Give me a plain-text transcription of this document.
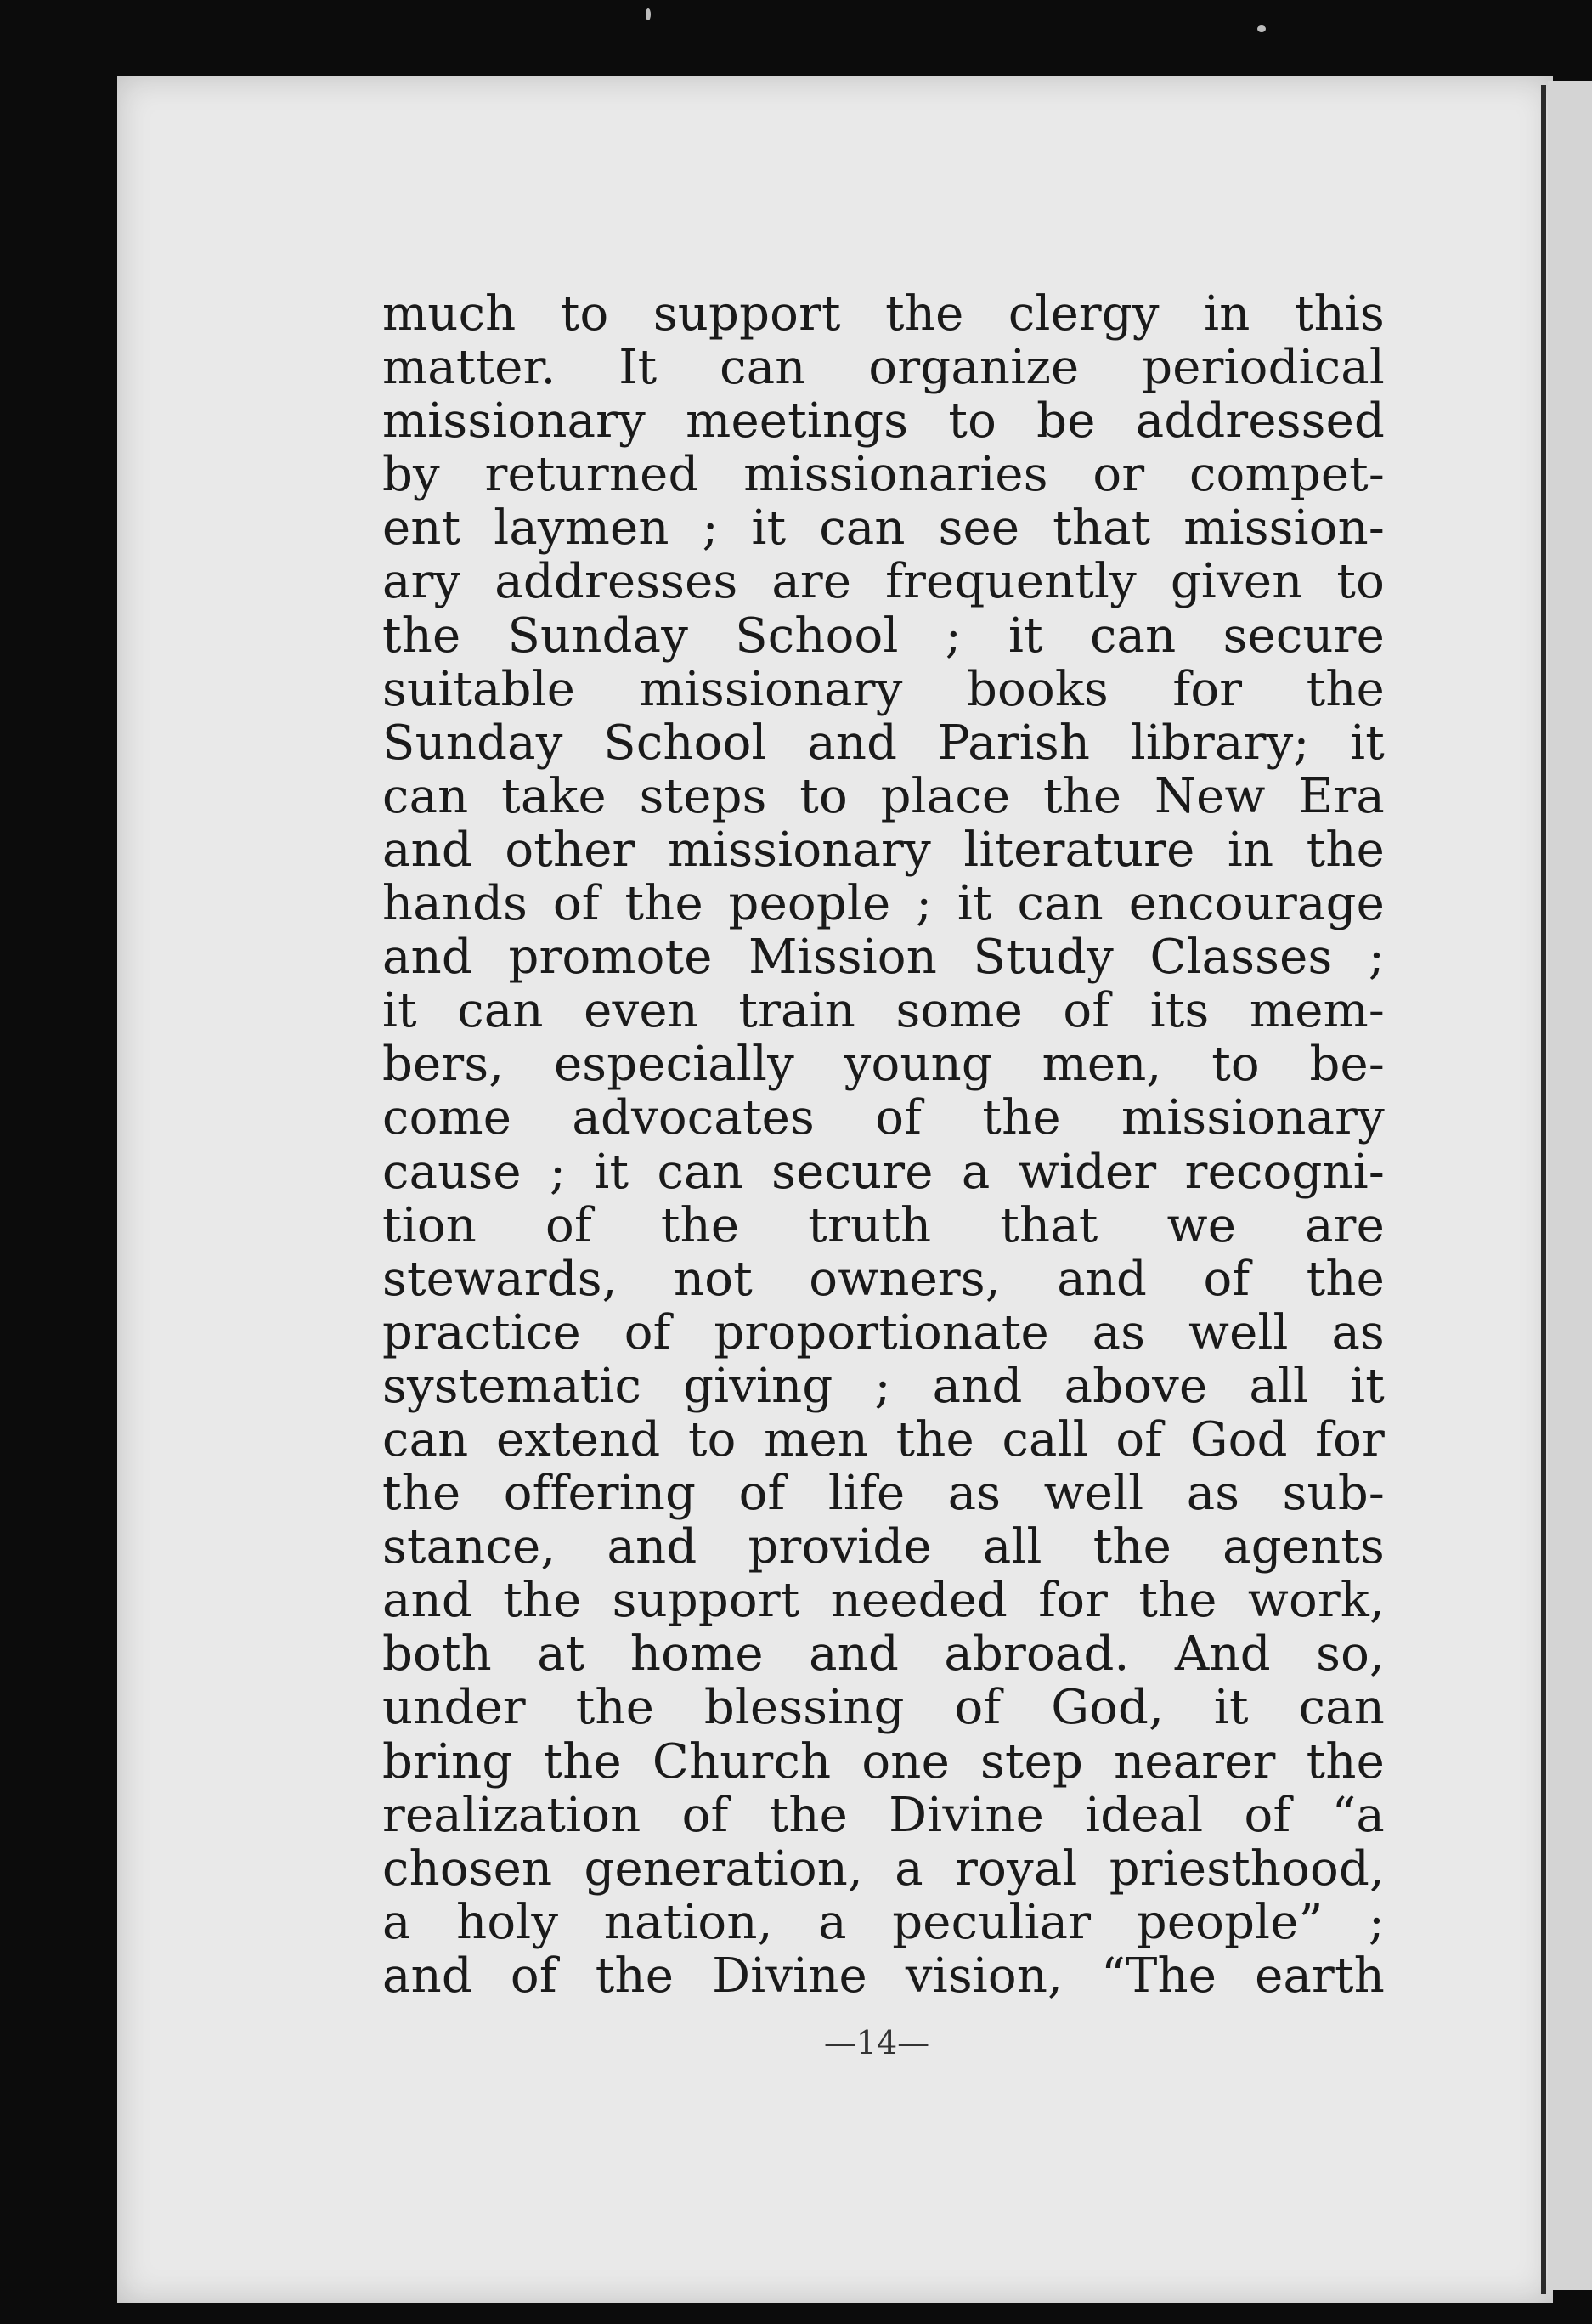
much to support the clergy in this
matter. It can organize periodical
missionary meetings to be addressed
by returned missionaries or compet-
ent laymen ; it can see that mission-
ary addresses are frequently given to
the Sunday School ; it can secure
suitable missionary books for the
Sunday School and Parish library; it
can take steps to place the New Era
and other missionary literature in the
hands of the people ; it can encourage
and promote Mission Study Classes ;
it can even train some of its mem-
bers, especially young men, to be-
come advocates of the missionary
cause ; it can secure a wider recogni-
tion of the truth that we are
stewards, not owners, and of the
practice of proportionate as well as
systematic giving ; and above all it
can extend to men the call of God for
the offering of life as well as sub-
stance, and provide all the agents
and the support needed for the work,
both at home and abroad. And so,
under the blessing of God, it can
bring the Church one step nearer the
realization of the Divine ideal of “a
chosen generation, a royal priesthood,
a holy nation, a peculiar people” ;
and of the Divine vision, “The earth
—14—
